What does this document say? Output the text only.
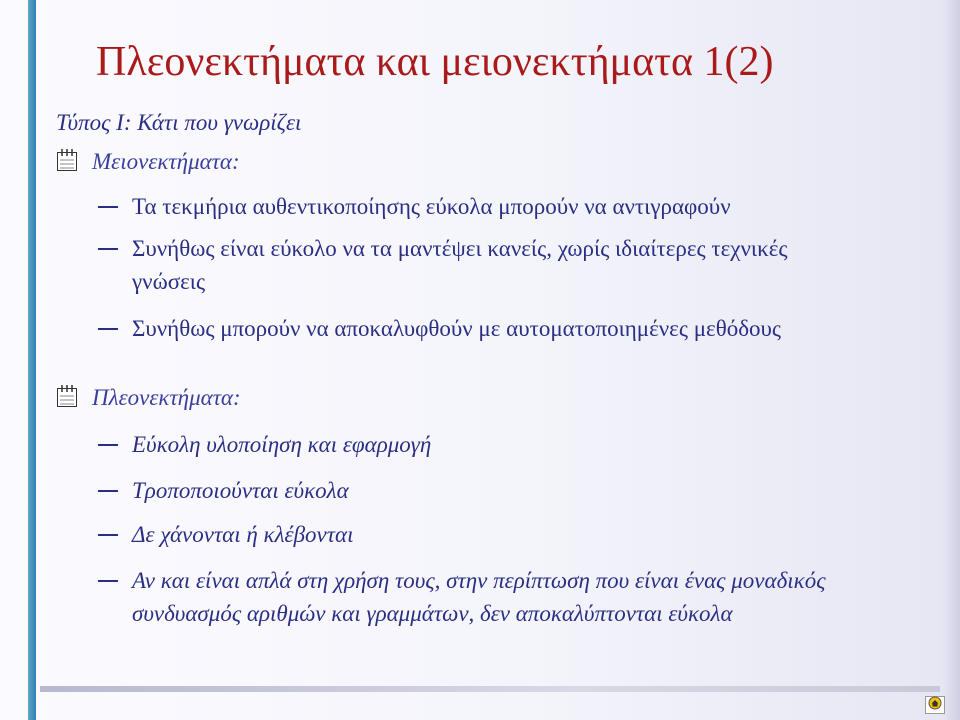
Πλεονεκτήματα και μειονεκτήματα 1(2)
Τύπος Ι: Κάτι που γνωρίζει
Μειονεκτήματα:
Τα τεκμήρια αυθεντικοποίησης εύκολα μπορούν να αντιγραφούν
Συνήθως είναι εύκολο να τα μαντέψει κανείς, χωρίς ιδιαίτερες τεχνικές γνώσεις
Συνήθως μπορούν να αποκαλυφθούν με αυτοματοποιημένες μεθόδους
Πλεονεκτήματα:
Εύκολη υλοποίηση και εφαρμογή
Τροποποιούνται εύκολα
Δε χάνονται ή κλέβονται
Αν και είναι απλά στη χρήση τους, στην περίπτωση που είναι ένας μοναδικός συνδυασμός αριθμών και γραμμάτων, δεν αποκαλύπτονται εύκολα
